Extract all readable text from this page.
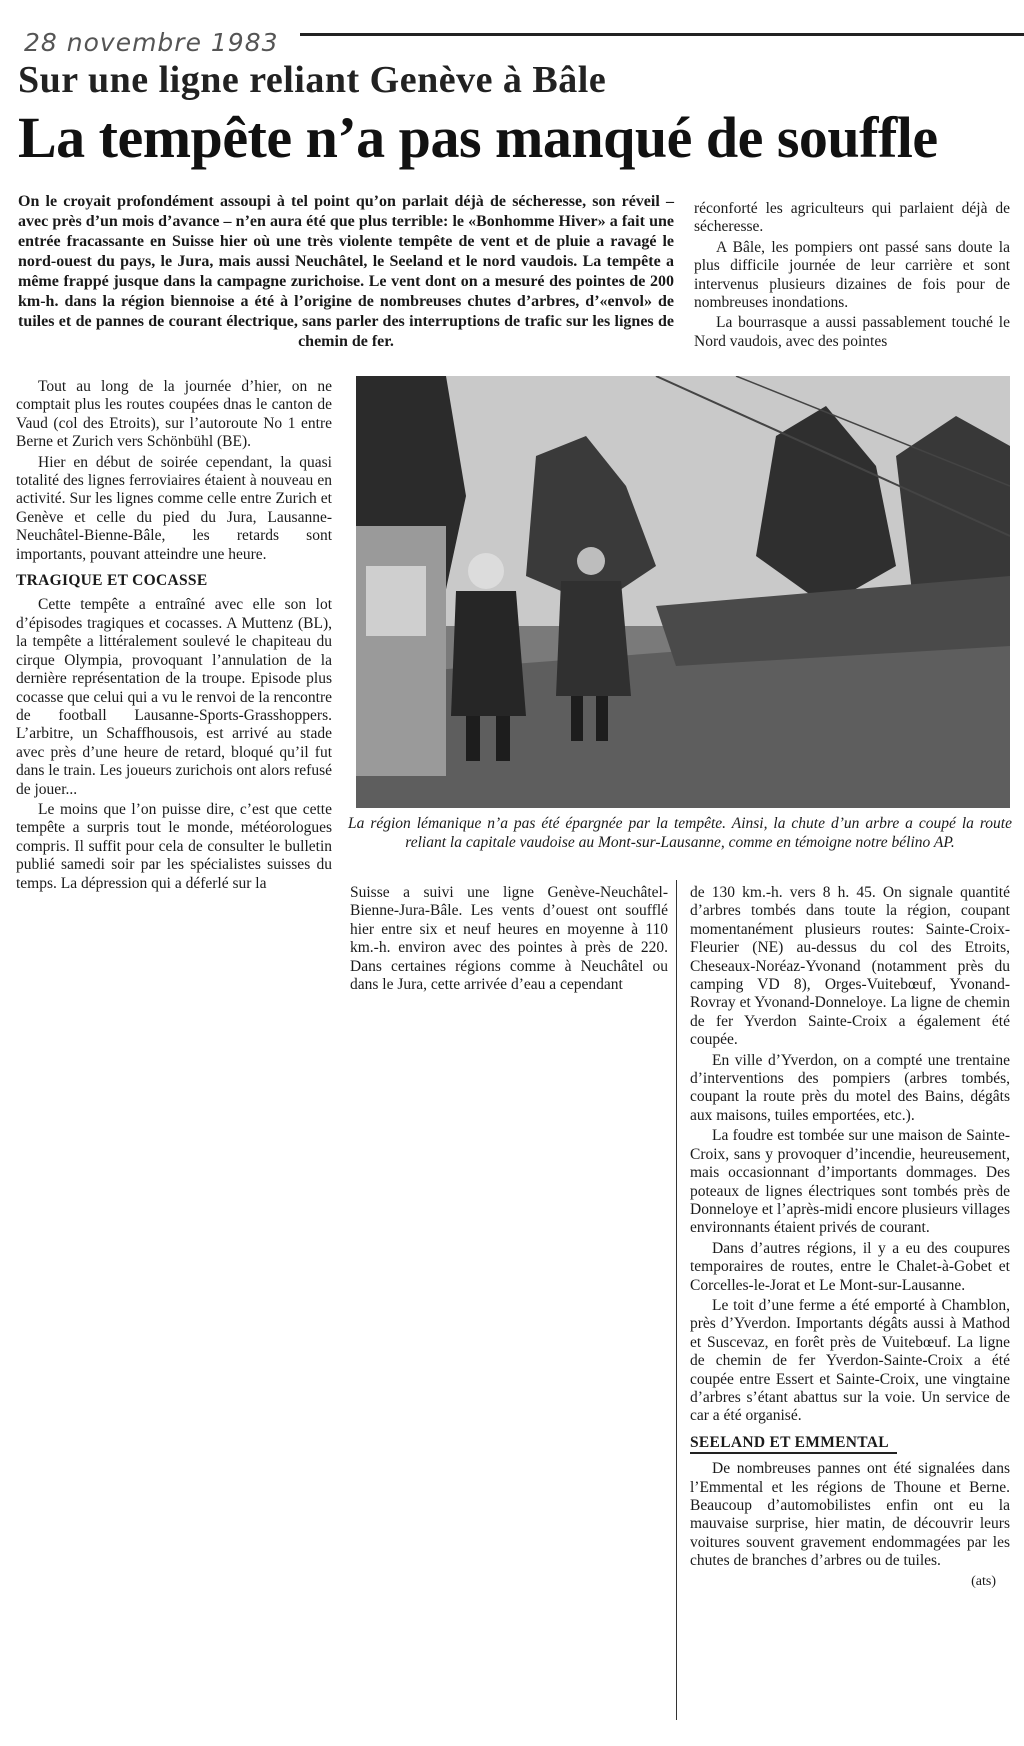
28 novembre 1983
Sur une ligne reliant Genève à Bâle
La tempête n’a pas manqué de souffle
On le croyait profondément assoupi à tel point qu’on parlait déjà de sécheresse, son réveil – avec près d’un mois d’avance – n’en aura été que plus terrible: le «Bonhomme Hiver» a fait une entrée fracassante en Suisse hier où une très violente tempête de vent et de pluie a ravagé le nord-ouest du pays, le Jura, mais aussi Neuchâtel, le Seeland et le nord vaudois. La tempête a même frappé jusque dans la campagne zurichoise. Le vent dont on a mesuré des pointes de 200 km-h. dans la région biennoise a été à l’origine de nombreuses chutes d’arbres, d’«envol» de tuiles et de pannes de courant électrique, sans parler des interruptions de trafic sur les lignes de chemin de fer.

réconforté les agriculteurs qui parlaient déjà de sécheresse.

A Bâle, les pompiers ont passé sans doute la plus difficile journée de leur carrière et sont intervenus plusieurs dizaines de fois pour de nombreuses inondations.

La bourrasque a aussi passablement touché le Nord vaudois, avec des pointes

Tout au long de la journée d’hier, on ne comptait plus les routes coupées dnas le canton de Vaud (col des Etroits), sur l’autoroute No 1 entre Berne et Zurich vers Schönbühl (BE).

Hier en début de soirée cependant, la quasi totalité des lignes ferroviaires étaient à nouveau en activité. Sur les lignes comme celle entre Zurich et Genève et celle du pied du Jura, Lausanne-Neuchâtel-Bienne-Bâle, les retards sont importants, pouvant atteindre une heure.

TRAGIQUE ET COCASSE

Cette tempête a entraîné avec elle son lot d’épisodes tragiques et cocasses. A Muttenz (BL), la tempête a littéralement soulevé le chapiteau du cirque Olympia, provoquant l’annulation de la dernière représentation de la troupe. Episode plus cocasse que celui qui a vu le renvoi de la rencontre de football Lausanne-Sports-Grasshoppers. L’arbitre, un Schaffhousois, est arrivé au stade avec près d’une heure de retard, bloqué qu’il fut dans le train. Les joueurs zurichois ont alors refusé de jouer...

Le moins que l’on puisse dire, c’est que cette tempête a surpris tout le monde, météorologues compris. Il suffit pour cela de consulter le bulletin publié samedi soir par les spécialistes suisses du temps. La dépression qui a déferlé sur la

La région lémanique n’a pas été épargnée par la tempête. Ainsi, la chute d’un arbre a coupé la route reliant la capitale vaudoise au Mont-sur-Lausanne, comme en témoigne notre bélino AP.

Suisse a suivi une ligne Genève-Neuchâtel-Bienne-Jura-Bâle. Les vents d’ouest ont soufflé hier entre six et neuf heures en moyenne à 110 km.-h. environ avec des pointes à près de 220. Dans certaines régions comme à Neuchâtel ou dans le Jura, cette arrivée d’eau a cependant

de 130 km.-h. vers 8 h. 45. On signale quantité d’arbres tombés dans toute la région, coupant momentanément plusieurs routes: Sainte-Croix-Fleurier (NE) au-dessus du col des Etroits, Cheseaux-Noréaz-Yvonand (notamment près du camping VD 8), Orges-Vuitebœuf, Yvonand-Rovray et Yvonand-Donneloye. La ligne de chemin de fer Yverdon Sainte-Croix a également été coupée.

En ville d’Yverdon, on a compté une trentaine d’interventions des pompiers (arbres tombés, coupant la route près du motel des Bains, dégâts aux maisons, tuiles emportées, etc.).

La foudre est tombée sur une maison de Sainte-Croix, sans y provoquer d’incendie, heureusement, mais occasionnant d’importants dommages. Des poteaux de lignes électriques sont tombés près de Donneloye et l’après-midi encore plusieurs villages environnants étaient privés de courant.

Dans d’autres régions, il y a eu des coupures temporaires de routes, entre le Chalet-à-Gobet et Corcelles-le-Jorat et Le Mont-sur-Lausanne.

Le toit d’une ferme a été emporté à Chamblon, près d’Yverdon. Importants dégâts aussi à Mathod et Suscevaz, en forêt près de Vuitebœuf. La ligne de chemin de fer Yverdon-Sainte-Croix a été coupée entre Essert et Sainte-Croix, une vingtaine d’arbres s’étant abattus sur la voie. Un service de car a été organisé.

SEELAND ET EMMENTAL

De nombreuses pannes ont été signalées dans l’Emmental et les régions de Thoune et Berne. Beaucoup d’automobilistes enfin ont eu la mauvaise surprise, hier matin, de découvrir leurs voitures souvent gravement endommagées par les chutes de branches d’arbres ou de tuiles.

(ats)
